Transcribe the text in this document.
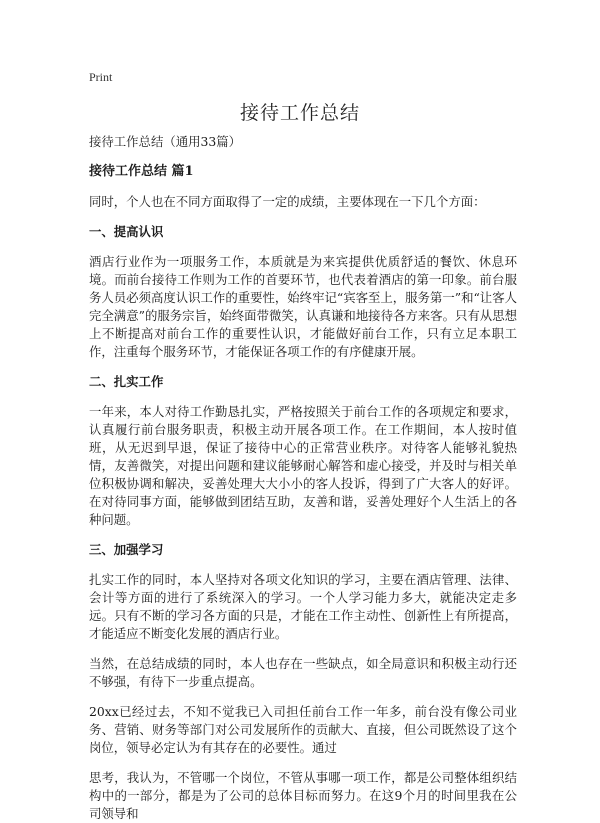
Print
接待工作总结
接待工作总结（通用33篇）
接待工作总结 篇1

同时，个人也在不同方面取得了一定的成绩，主要体现在一下几个方面：

一、提高认识

酒店行业作为一项服务工作，本质就是为来宾提供优质舒适的餐饮、休息环境。而前台接待工作则为工作的首要环节，也代表着酒店的第一印象。前台服务人员必须高度认识工作的重要性，始终牢记“宾客至上，服务第一”和“让客人完全满意”的服务宗旨，始终面带微笑，认真谦和地接待各方来客。只有从思想上不断提高对前台工作的重要性认识，才能做好前台工作，只有立足本职工作，注重每个服务环节，才能保证各项工作的有序健康开展。

二、扎实工作

一年来，本人对待工作勤恳扎实，严格按照关于前台工作的各项规定和要求，认真履行前台服务职责，积极主动开展各项工作。在工作期间，本人按时值班，从无迟到早退，保证了接待中心的正常营业秩序。对待客人能够礼貌热情，友善微笑，对提出问题和建议能够耐心解答和虚心接受，并及时与相关单位积极协调和解决，妥善处理大大小小的客人投诉，得到了广大客人的好评。在对待同事方面，能够做到团结互助，友善和谐，妥善处理好个人生活上的各种问题。

三、加强学习

扎实工作的同时，本人坚持对各项文化知识的学习，主要在酒店管理、法律、会计等方面的进行了系统深入的学习。一个人学习能力多大，就能决定走多远。只有不断的学习各方面的只是，才能在工作主动性、创新性上有所提高，才能适应不断变化发展的酒店行业。

当然，在总结成绩的同时，本人也存在一些缺点，如全局意识和积极主动行还不够强，有待下一步重点提高。

20xx已经过去，不知不觉我已入司担任前台工作一年多，前台没有像公司业务、营销、财务等部门对公司发展所作的贡献大、直接，但公司既然设了这个岗位，领导必定认为有其存在的必要性。通过

思考，我认为，不管哪一个岗位，不管从事哪一项工作，都是公司整体组织结构中的一部分，都是为了公司的总体目标而努力。在这9个月的时间里我在公司领导和
